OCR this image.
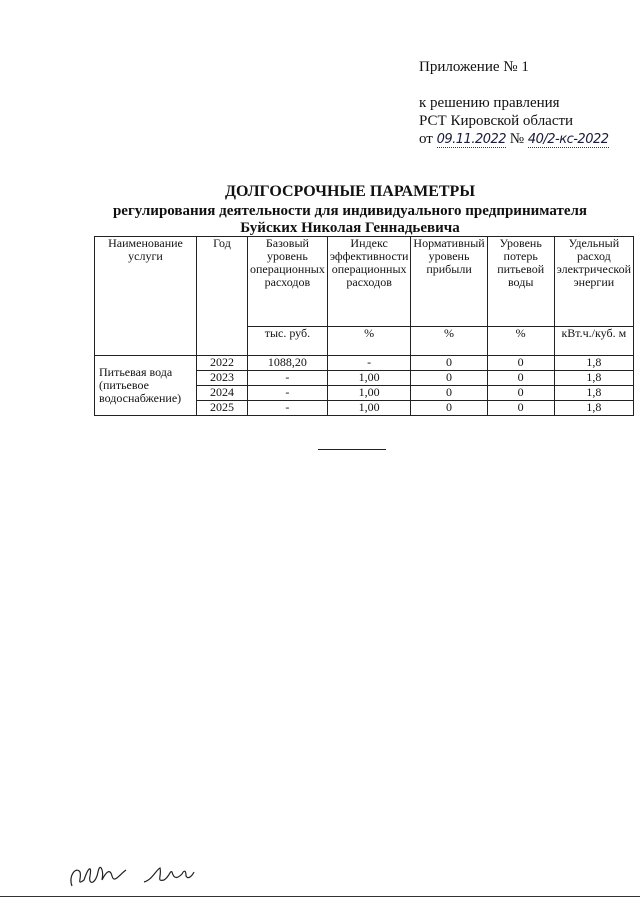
Приложение № 1
к решению правления
РСТ Кировской области
от 09.11.2022 № 40/2-кс-2022
ДОЛГОСРОЧНЫЕ ПАРАМЕТРЫ
регулирования деятельности для индивидуального предпринимателя
Буйских Николая Геннадьевича
Наименование услуги	Год	Базовый уровень операционных расходов	Индекс эффективности операционных расходов	Нормативный уровень прибыли	Уровень потерь питьевой воды	Удельный расход электрической энергии
		тыс. руб.	%	%	%	кВт.ч./куб. м
Питьевая вода (питьевое водоснабжение)	2022	1088,20	-	0	0	1,8
	2023	-	1,00	0	0	1,8
	2024	-	1,00	0	0	1,8
	2025	-	1,00	0	0	1,8
